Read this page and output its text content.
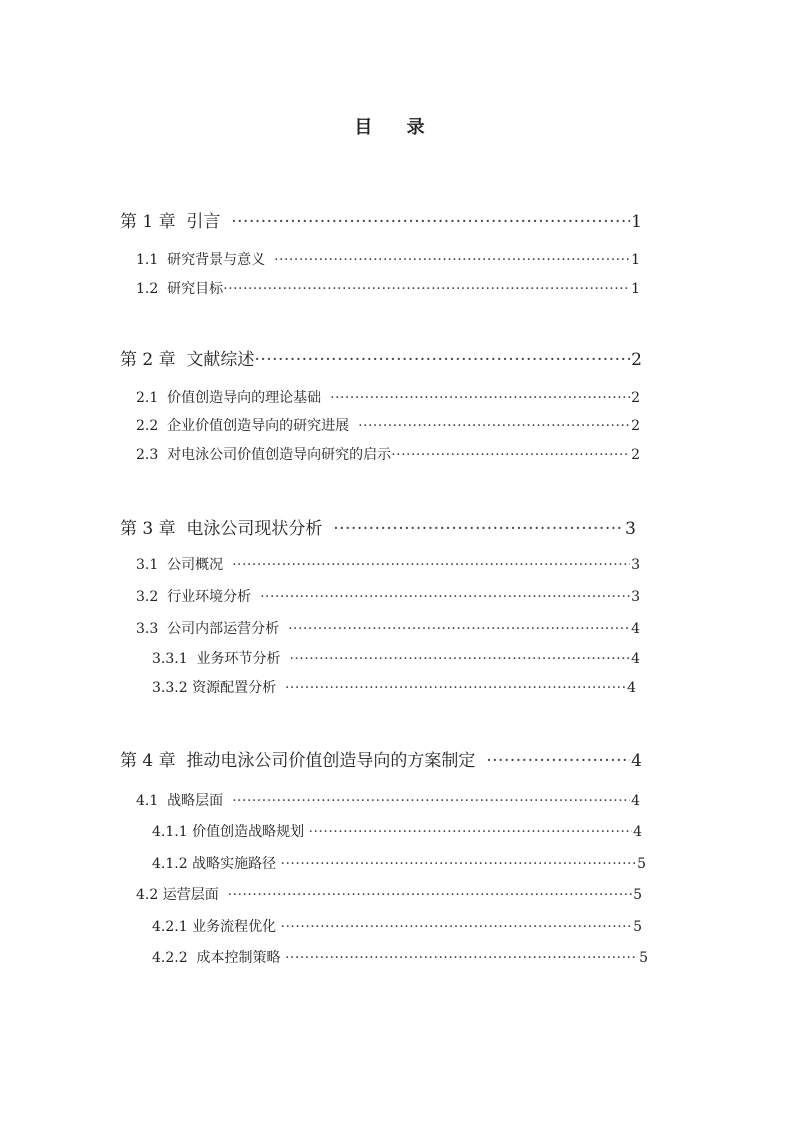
目 录
第 1 章  引言 ·····	1
1.1  研究背景与意义 ·····	1
1.2  研究目标 ·····	1
第 2 章  文献综述 ·····	2
2.1  价值创造导向的理论基础 ·····	2
2.2  企业价值创造导向的研究进展 ·····	2
2.3  对电泳公司价值创造导向研究的启示 ·····	2
第 3 章  电泳公司现状分析 ·····	3
3.1  公司概况 ·····	3
3.2  行业环境分析 ·····	3
3.3  公司内部运营分析 ·····	4
3.3.1  业务环节分析 ·····	4
3.3.2 资源配置分析 ·····	4
第 4 章  推动电泳公司价值创造导向的方案制定 ·····	4
4.1  战略层面 ·····	4
4.1.1 价值创造战略规划 ·····	4
4.1.2 战略实施路径 ·····	5
4.2 运营层面 ·····	5
4.2.1 业务流程优化 ·····	5
4.2.2  成本控制策略 ·····	5
